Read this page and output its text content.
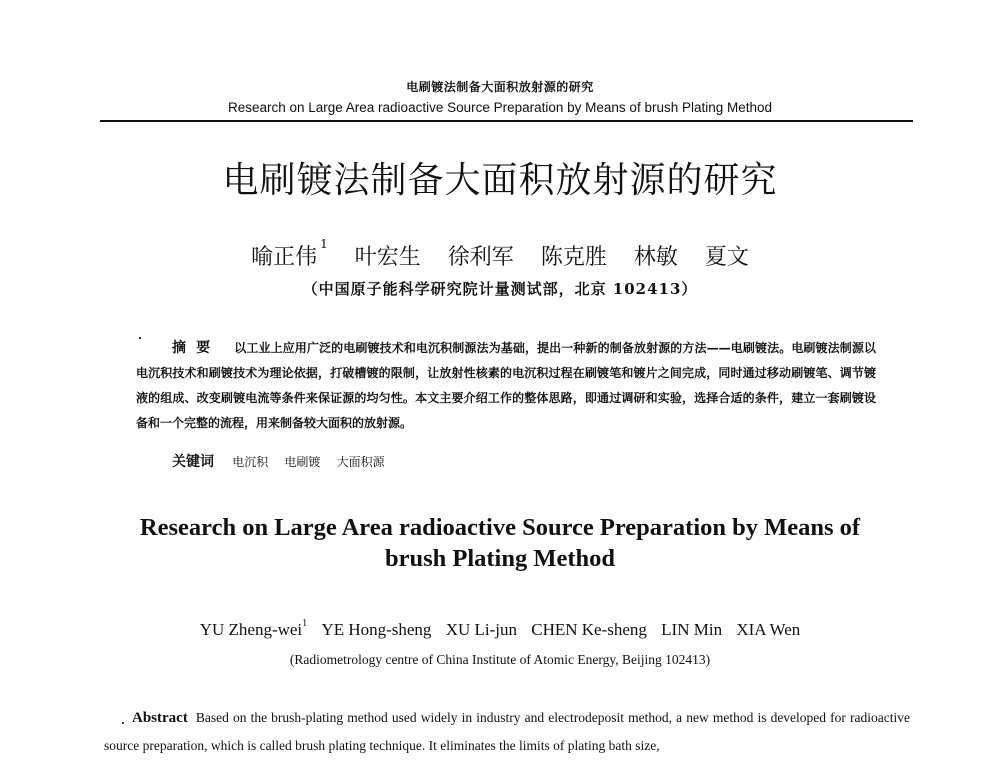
电刷镀法制备大面积放射源的研究
Research on Large Area radioactive Source Preparation by Means of brush Plating Method
电刷镀法制备大面积放射源的研究
喻正伟$^1$ 叶宏生 徐利军 陈克胜 林敏 夏文
（中国原子能科学研究院计量测试部，北京 102413）

摘要 以工业上应用广泛的电刷镀技术和电沉积制源法为基础，提出一种新的制备放射源的方法——电刷镀法。电刷镀法制源以电沉积技术和刷镀技术为理论依据，打破槽镀的限制，让放射性核素的电沉积过程在刷镀笔和镀片之间完成，同时通过移动刷镀笔、调节镀液的组成、改变刷镀电流等条件来保证源的均匀性。本文主要介绍工作的整体思路，即通过调研和实验，选择合适的条件，建立一套刷镀设备和一个完整的流程，用来制备较大面积的放射源。

关键词 电沉积 电刷镀 大面积源
Research on Large Area radioactive Source Preparation by Means of brush Plating Method
YU Zheng-wei$^1$ YE Hong-sheng XU Li-jun CHEN Ke-sheng LIN Min XIA Wen
(Radiometrology centre of China Institute of Atomic Energy, Beijing 102413)

Abstract Based on the brush-plating method used widely in industry and electrodeposit method, a new method is developed for radioactive source preparation, which is called brush plating technique. It eliminates the limits of plating bath size,
